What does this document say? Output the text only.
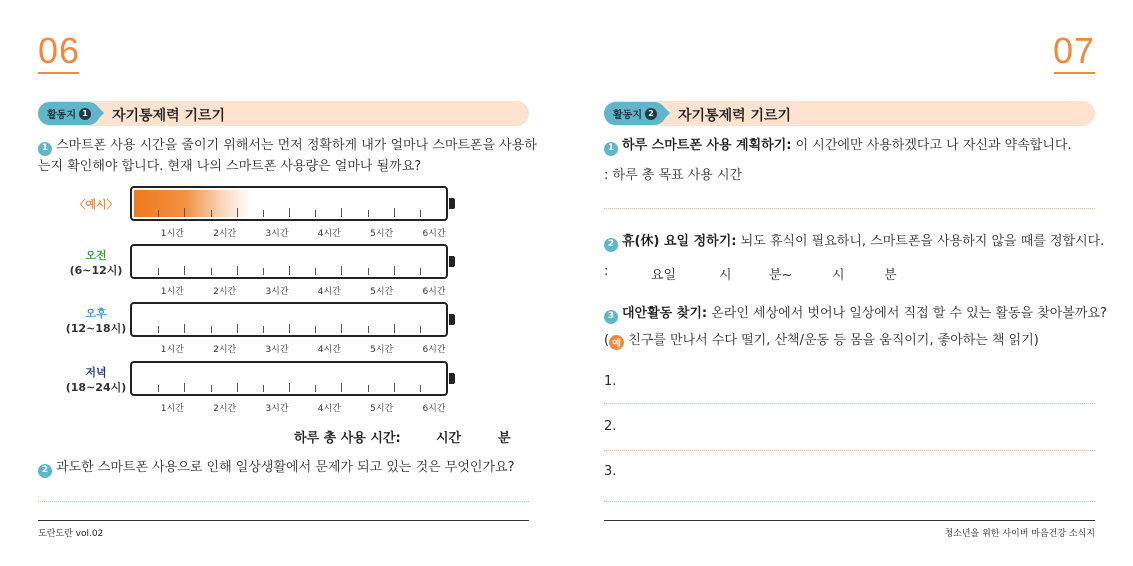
06
활동지 1 자기통제력 기르기
1 스마트폰 사용 시간을 줄이기 위해서는 먼저 정확하게 내가 얼마나 스마트폰을 사용하
는지 확인해야 합니다. 현재 나의 스마트폰 사용량은 얼마나 될까요?
〈예시〉
1시간	2시간	3시간	4시간	5시간	6시간
오전
(6~12시)
1시간	2시간	3시간	4시간	5시간	6시간
오후
(12~18시)
1시간	2시간	3시간	4시간	5시간	6시간
저녁
(18~24시)
1시간	2시간	3시간	4시간	5시간	6시간
하루 총 사용 시간:	시간	분
2 과도한 스마트폰 사용으로 인해 일상생활에서 문제가 되고 있는 것은 무엇인가요?
도란도란 vol.02
07
활동지 2 자기통제력 기르기
1 하루 스마트폰 사용 계획하기: 이 시간에만 사용하겠다고 나 자신과 약속합니다.
: 하루 총 목표 사용 시간
2 휴(休) 요일 정하기: 뇌도 휴식이 필요하니, 스마트폰을 사용하지 않을 때를 정합시다.
:	요일	시	분~	시	분
3 대안활동 찾기: 온라인 세상에서 벗어나 일상에서 직접 할 수 있는 활동을 찾아볼까요?
( 예 친구를 만나서 수다 떨기, 산책/운동 등 몸을 움직이기, 좋아하는 책 읽기)
1.
2.
3.
청소년을 위한 사이버 마음건강 소식지
